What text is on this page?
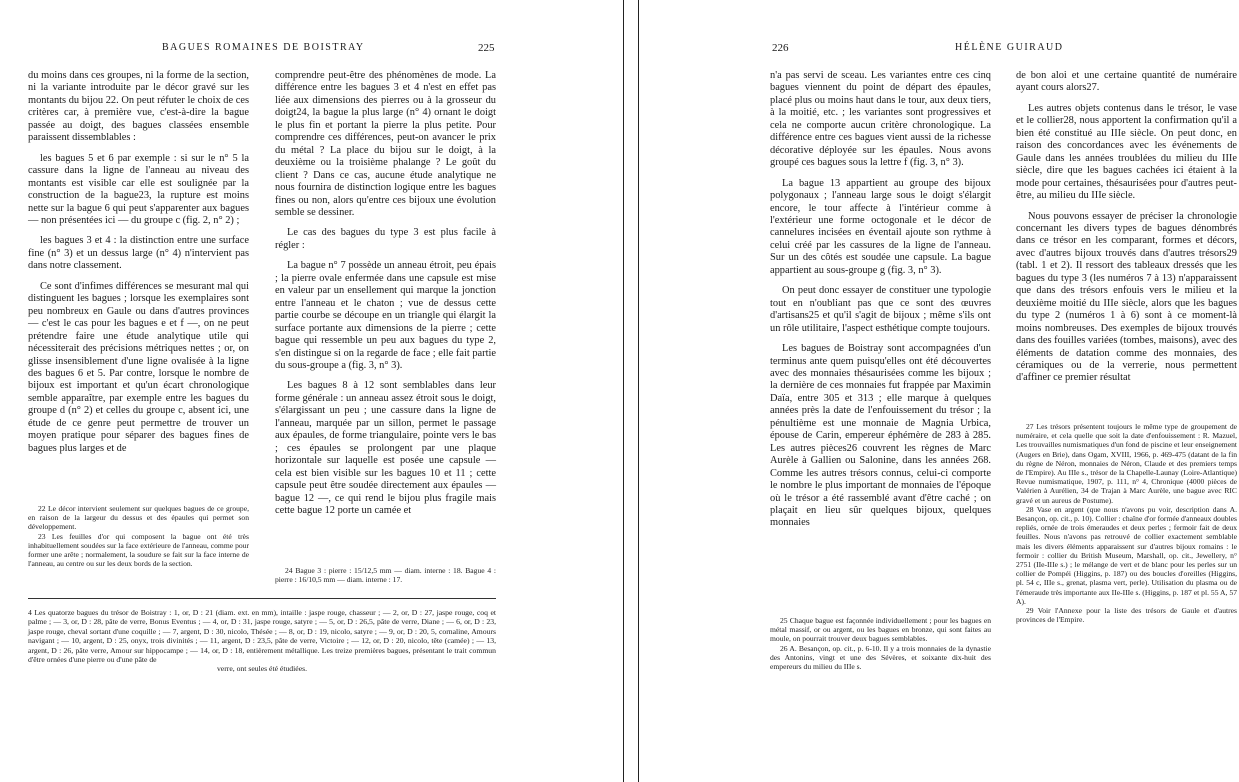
BAGUES ROMAINES DE BOISTRAY	225

du moins dans ces groupes, ni la forme de la section, ni la variante introduite par le décor gravé sur les montants du bijou 22. On peut réfuter le choix de ces critères car, à première vue, c'est-à-dire la bague passée au doigt, des bagues classées ensemble paraissent dissemblables :

les bagues 5 et 6 par exemple : si sur le n° 5 la cassure dans la ligne de l'anneau au niveau des montants est visible car elle est soulignée par la construction de la bague23, la rupture est moins nette sur la bague 6 qui peut s'apparenter aux bagues — non présentées ici — du groupe c (fig. 2, n° 2) ;

les bagues 3 et 4 : la distinction entre une surface fine (n° 3) et un dessus large (n° 4) n'intervient pas dans notre classement.

Ce sont d'infimes différences se mesurant mal qui distinguent les bagues ; lorsque les exemplaires sont peu nombreux en Gaule ou dans d'autres provinces — c'est le cas pour les bagues e et f —, on ne peut prétendre faire une étude analytique utile qui nécessiterait des précisions métriques nettes ; or, on glisse insensiblement d'une ligne ovalisée à la ligne des bagues 6 et 5. Par contre, lorsque le nombre de bijoux est important et qu'un écart chronologique semble apparaître, par exemple entre les bagues du groupe d (n° 2) et celles du groupe c, absent ici, une étude de ce genre peut permettre de trouver un moyen pratique pour séparer des bagues fines de bagues plus larges et de

22 Le décor intervient seulement sur quelques bagues de ce groupe, en raison de la largeur du dessus et des épaules qui permet son développement.

23 Les feuilles d'or qui composent la bague ont été très inhabituellement soudées sur la face extérieure de l'anneau, comme pour former une arête ; normalement, la soudure se fait sur la face interne de l'anneau, au centre ou sur les deux bords de la section.

comprendre peut-être des phénomènes de mode. La différence entre les bagues 3 et 4 n'est en effet pas liée aux dimensions des pierres ou à la grosseur du doigt24, la bague la plus large (n° 4) ornant le doigt le plus fin et portant la pierre la plus petite. Pour comprendre ces différences, peut-on avancer le prix du métal ? La place du bijou sur le doigt, à la deuxième ou la troisième phalange ? Le goût du client ? Dans ce cas, aucune étude analytique ne nous fournira de distinction logique entre les bagues fines ou non, alors qu'entre ces bijoux une évolution semble se dessiner.

Le cas des bagues du type 3 est plus facile à régler :

La bague n° 7 possède un anneau étroit, peu épais ; la pierre ovale enfermée dans une capsule est mise en valeur par un ensellement qui marque la jonction entre l'anneau et le chaton ; vue de dessus cette partie courbe se découpe en un triangle qui élargit la surface portante aux dimensions de la pierre ; cette bague qui ressemble un peu aux bagues du type 2, s'en distingue si on la regarde de face ; elle fait partie du sous-groupe a (fig. 3, n° 3).

Les bagues 8 à 12 sont semblables dans leur forme générale : un anneau assez étroit sous le doigt, s'élargissant un peu ; une cassure dans la ligne de l'anneau, marquée par un sillon, permet le passage aux épaules, de forme triangulaire, pointe vers le bas ; ces épaules se prolongent par une plaque horizontale sur laquelle est posée une capsule — cela est bien visible sur les bagues 10 et 11 ; cette capsule peut être soudée directement aux épaules — bague 12 —, ce qui rend le bijou plus fragile mais cette bague 12 porte un camée et

24 Bague 3 : pierre : 15/12,5 mm — diam. interne : 18. Bague 4 : pierre : 16/10,5 mm — diam. interne : 17.

4 Les quatorze bagues du trésor de Boistray : 1, or, D : 21 (diam. ext. en mm), intaille : jaspe rouge, chasseur ; — 2, or, D : 27, jaspe rouge, coq et palme ; — 3, or, D : 28, pâte de verre, Bonus Eventus ; — 4, or, D : 31, jaspe rouge, satyre ; — 5, or, D : 26,5, pâte de verre, Diane ; — 6, or, D : 23, jaspe rouge, cheval sortant d'une coquille ; — 7, argent, D : 30, nicolo, Thésée ; — 8, or, D : 19, nicolo, satyre ; — 9, or, D : 20, 5, cornaline, Amours navigant ; — 10, argent, D : 25, onyx, trois divinités ; — 11, argent, D : 23,5, pâte de verre, Victoire ; — 12, or, D : 20, nicolo, tête (camée) ; — 13, argent, D : 26, pâte verre, Amour sur hippocampe ; — 14, or, D : 18, entièrement métallique. Les treize premières bagues, présentant le trait commun d'être ornées d'une pierre ou d'une pâte de

verre, ont seules été étudiées.
226	HÉLÈNE GUIRAUD

n'a pas servi de sceau. Les variantes entre ces cinq bagues viennent du point de départ des épaules, placé plus ou moins haut dans le tour, aux deux tiers, à la moitié, etc. ; les variantes sont progressives et cela ne comporte aucun critère chronologique. La différence entre ces bagues vient aussi de la richesse décorative déployée sur les épaules. Nous avons groupé ces bagues sous la lettre f (fig. 3, n° 3).

La bague 13 appartient au groupe des bijoux polygonaux ; l'anneau large sous le doigt s'élargit encore, le tour affecte à l'intérieur comme à l'extérieur une forme octogonale et le décor de cannelures incisées en éventail ajoute son rythme à celui créé par les cassures de la ligne de l'anneau. Sur un des côtés est soudée une capsule. La bague appartient au sous-groupe g (fig. 3, n° 3).

On peut donc essayer de constituer une typologie tout en n'oubliant pas que ce sont des œuvres d'artisans25 et qu'il s'agit de bijoux ; même s'ils ont un rôle utilitaire, l'aspect esthétique compte toujours.

Les bagues de Boistray sont accompagnées d'un terminus ante quem puisqu'elles ont été découvertes avec des monnaies thésaurisées comme les bijoux ; la dernière de ces monnaies fut frappée par Maximin Daïa, entre 305 et 313 ; elle marque à quelques années près la date de l'enfouissement du trésor ; la pénultième est une monnaie de Magnia Urbica, épouse de Carin, empereur éphémère de 283 à 285. Les autres pièces26 couvrent les règnes de Marc Aurèle à Gallien ou Salonine, dans les années 268. Comme les autres trésors connus, celui-ci comporte le nombre le plus important de monnaies de l'époque où le trésor a été rassemblé avant d'être caché ; on plaçait en lieu sûr quelques bijoux, quelques monnaies

25 Chaque bague est façonnée individuellement ; pour les bagues en métal massif, or ou argent, ou les bagues en bronze, qui sont faites au moule, on pourrait trouver deux bagues semblables.

26 A. Besançon, op. cit., p. 6-10. Il y a trois monnaies de la dynastie des Antonins, vingt et une des Sévères, et soixante dix-huit des empereurs du milieu du IIIe s.

de bon aloi et une certaine quantité de numéraire ayant cours alors27.

Les autres objets contenus dans le trésor, le vase et le collier28, nous apportent la confirmation qu'il a bien été constitué au IIIe siècle. On peut donc, en raison des concordances avec les événements de Gaule dans les années troublées du milieu du IIIe siècle, dire que les bagues cachées ici étaient à la mode pour certaines, thésaurisées pour d'autres peut-être, au milieu du IIIe siècle.

Nous pouvons essayer de préciser la chronologie concernant les divers types de bagues dénombrés dans ce trésor en les comparant, formes et décors, avec d'autres bijoux trouvés dans d'autres trésors29 (tabl. 1 et 2). Il ressort des tableaux dressés que les bagues du type 3 (les numéros 7 à 13) n'apparaissent que dans des trésors enfouis vers le milieu et la deuxième moitié du IIIe siècle, alors que les bagues du type 2 (numéros 1 à 6) sont à ce moment-là moins nombreuses. Des exemples de bijoux trouvés dans des fouilles variées (tombes, maisons), avec des éléments de datation comme des monnaies, des céramiques ou de la verrerie, nous permettent d'affiner ce premier résultat

27 Les trésors présentent toujours le même type de groupement de numéraire, et cela quelle que soit la date d'enfouissement : R. Mazuel, Les trouvailles numismatiques d'un fond de piscine et leur enseignement (Augers en Brie), dans Ogam, XVIII, 1966, p. 469-475 (datant de la fin du règne de Néron, monnaies de Néron, Claude et des premiers temps de l'Empire). Au IIIe s., trésor de la Chapelle-Launay (Loire-Atlantique) Revue numismatique, 1907, p. 111, n° 4, Chronique (4000 pièces de Valérien à Aurélien, 34 de Trajan à Marc Aurèle, une bague avec RIC gravé et un aureus de Postume).

28 Vase en argent (que nous n'avons pu voir, description dans A. Besançon, op. cit., p. 10). Collier : chaîne d'or formée d'anneaux doubles repliés, ornée de trois émeraudes et deux perles ; fermoir fait de deux feuilles. Nous n'avons pas retrouvé de collier exactement semblable mais les divers éléments apparaissent sur d'autres bijoux romains : le fermoir : collier du British Museum, Marshall, op. cit., Jewellery, n° 2751 (IIe-IIIe s.) ; le mélange de vert et de blanc pour les perles sur un collier de Pompéi (Higgins, p. 187) ou des boucles d'oreilles (Higgins, pl. 54 c, IIIe s., grenat, plasma vert, perle). Utilisation du plasma ou de l'émeraude très importante aux IIe-IIIe s. (Higgins, p. 187 et pl. 55 A, 57 A).

29 Voir l'Annexe pour la liste des trésors de Gaule et d'autres provinces de l'Empire.
